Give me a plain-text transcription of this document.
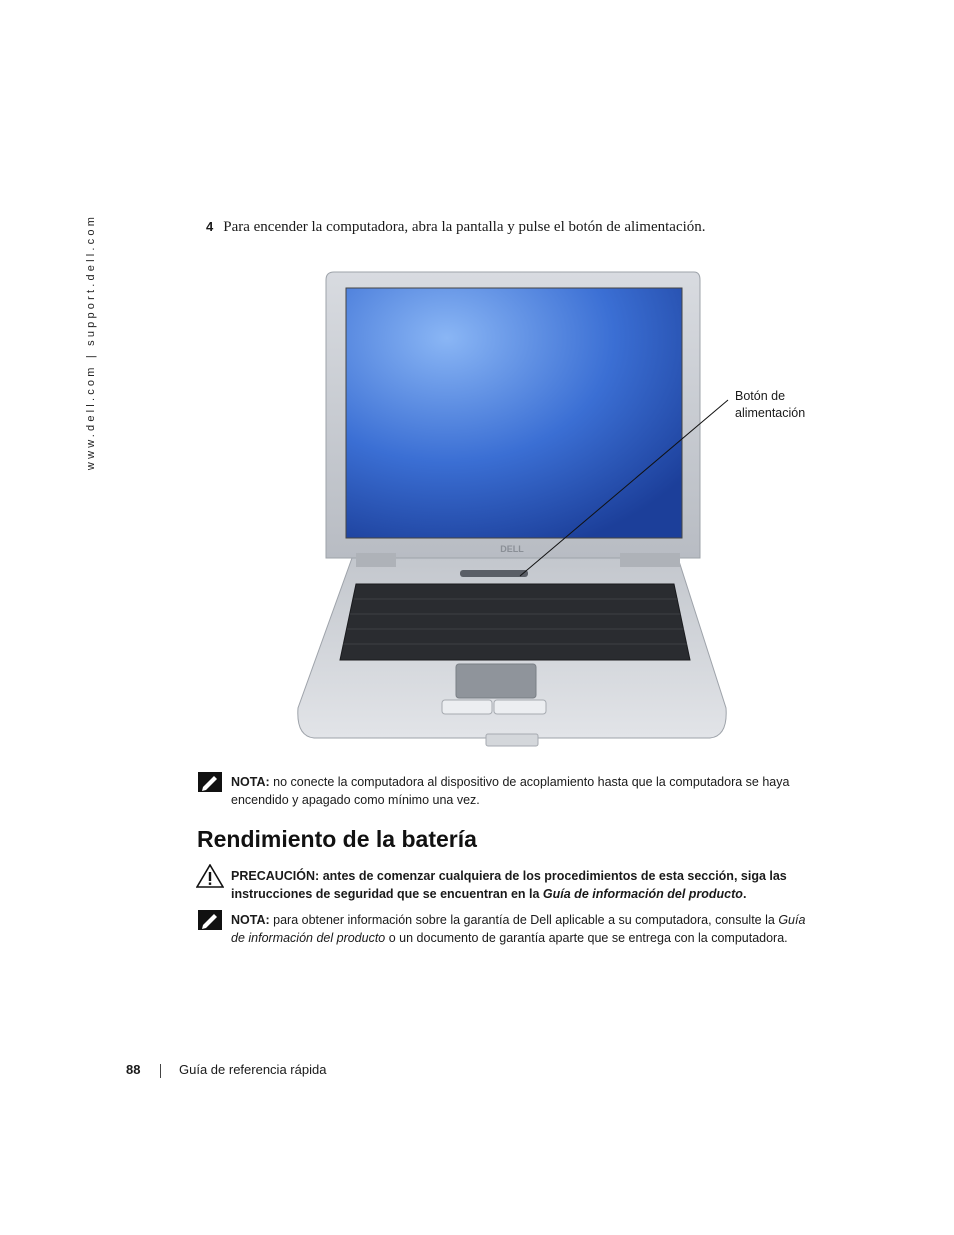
www.dell.com | support.dell.com	4 Para encender la computadora, abra la pantalla y pulse el botón de alimentación.
DELL
Botón de
alimentación
NOTA: no conecte la computadora al dispositivo de acoplamiento hasta que la computadora se haya
encendido y apagado como mínimo una vez.
Rendimiento de la batería
PRECAUCIÓN: antes de comenzar cualquiera de los procedimientos de esta sección, siga las
instrucciones de seguridad que se encuentran en la Guía de información del producto.
NOTA: para obtener información sobre la garantía de Dell aplicable a su computadora, consulte la Guía
de información del producto o un documento de garantía aparte que se entrega con la computadora.
88	Guía de referencia rápida
